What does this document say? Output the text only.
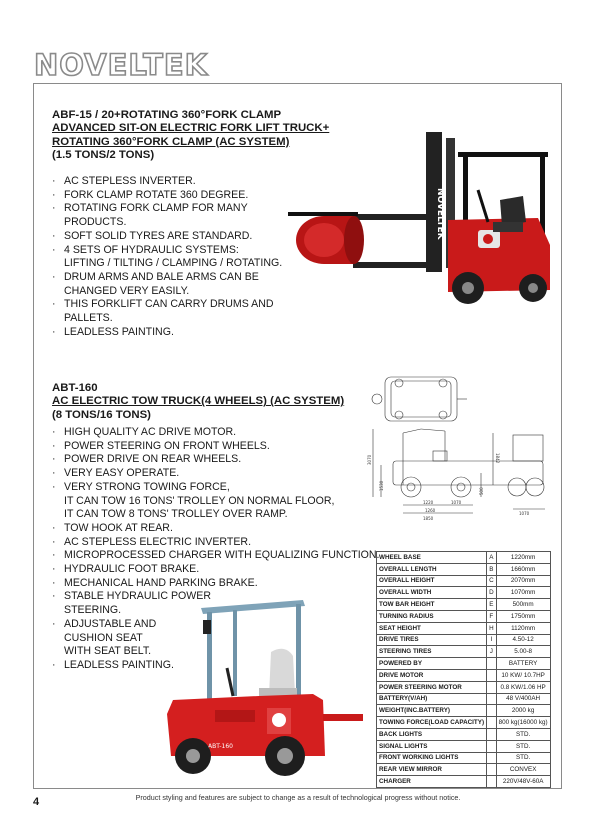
NOVELTEK
ABF-15 / 20+ROTATING 360°FORK CLAMP
ADVANCED SIT-ON ELECTRIC FORK LIFT TRUCK+
ROTATING 360°FORK CLAMP (AC SYSTEM)
(1.5 TONS/2 TONS)
· AC STEPLESS INVERTER.
· FORK CLAMP ROTATE 360 DEGREE.
· ROTATING FORK CLAMP FOR MANY
PRODUCTS.
· SOFT SOLID TYRES ARE STANDARD.
· 4 SETS OF HYDRAULIC SYSTEMS:
LIFTING / TILTING / CLAMPING / ROTATING.
· DRUM ARMS AND BALE ARMS CAN BE
CHANGED VERY EASILY.
· THIS FORKLIFT CAN CARRY DRUMS AND
PALLETS.
· LEADLESS PAINTING.
NOVELTEK
ABT-160
AC ELECTRIC TOW TRUCK(4 WHEELS) (AC SYSTEM)
(8 TONS/16 TONS)
· HIGH QUALITY AC DRIVE MOTOR.
· POWER STEERING ON FRONT WHEELS.
· POWER DRIVE ON REAR WHEELS.
· VERY EASY OPERATE.
· VERY STRONG TOWING FORCE,
IT CAN TOW 16 TONS' TROLLEY ON NORMAL FLOOR,
IT CAN TOW 8 TONS' TROLLEY OVER RAMP.
· TOW HOOK AT REAR.
· AC STEPLESS ELECTRIC INVERTER.
· MICROPROCESSED CHARGER WITH EQUALIZING FUNCTION.
· HYDRAULIC FOOT BRAKE.
· MECHANICAL HAND PARKING BRAKE.
· STABLE HYDRAULIC POWER
STEERING.
· ADJUSTABLE AND
CUSHION SEAT
WITH SEAT BELT.
· LEADLESS PAINTING.
3070	1842
1220	1070
1260
1850
1530
500
1070
ABT-160
WHEEL BASE	A	1220mm
OVERALL LENGTH	B	1660mm
OVERALL HEIGHT	C	2070mm
OVERALL WIDTH	D	1070mm
TOW BAR HEIGHT	E	500mm
TURNING RADIUS	F	1750mm
SEAT HEIGHT	H	1120mm
DRIVE TIRES	I	4.50-12
STEERING TIRES	J	5.00-8
POWERED BY		BATTERY
DRIVE MOTOR		10 KW/ 10.7HP
POWER STEERING MOTOR		0.8 KW/1.06 HP
BATTERY(V/AH)		48 V/400AH
WEIGHT(INC.BATTERY)		2000 kg
TOWING FORCE(LOAD CAPACITY)		800 kg(16000 kg)
BACK LIGHTS		STD.
SIGNAL LIGHTS		STD.
FRONT WORKING LIGHTS		STD.
REAR VIEW MIRROR		CONVEX
CHARGER		220V/48V-60A
Product styling and features are subject to change as a result of technological progress without notice.
4
